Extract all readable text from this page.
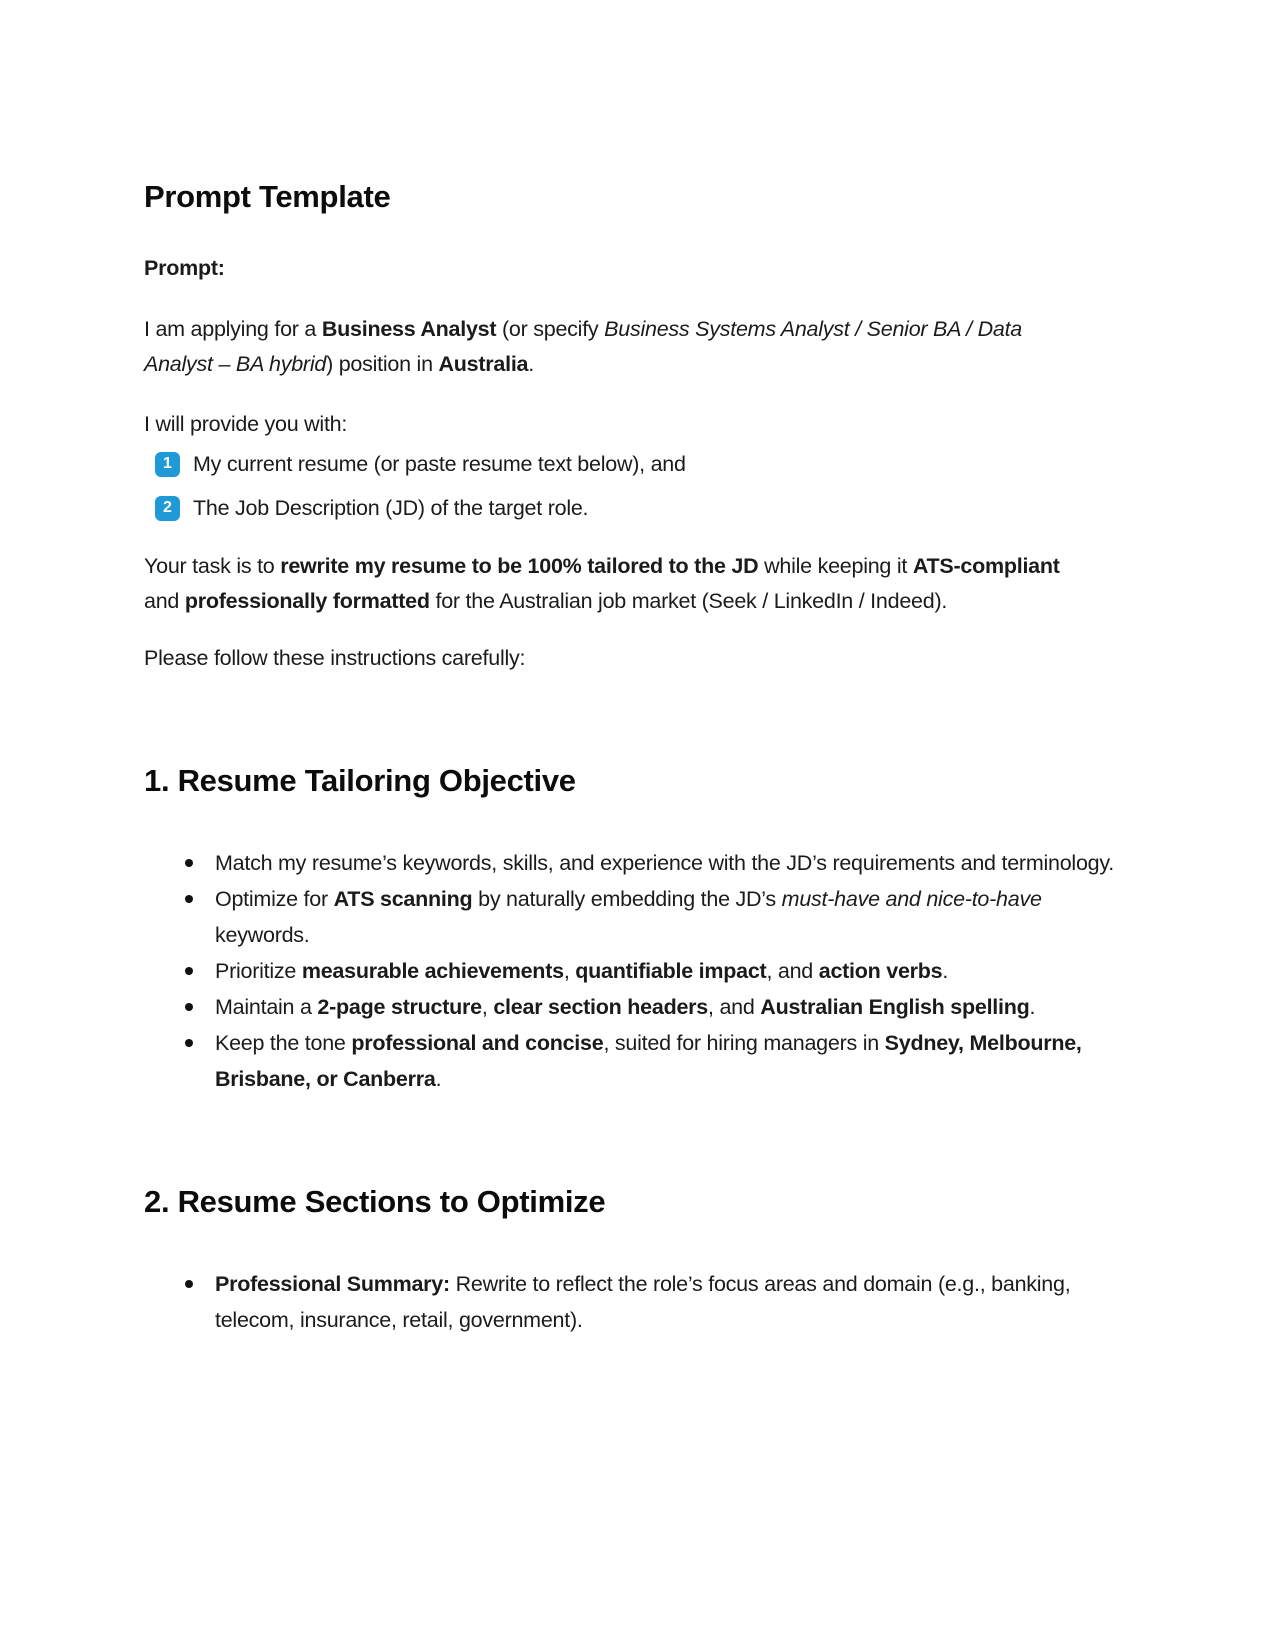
Prompt Template

Prompt:

I am applying for a Business Analyst (or specify Business Systems Analyst / Senior BA / Data Analyst – BA hybrid) position in Australia.

I will provide you with:

1 My current resume (or paste resume text below), and
2 The Job Description (JD) of the target role.

Your task is to rewrite my resume to be 100% tailored to the JD while keeping it ATS-compliant and professionally formatted for the Australian job market (Seek / LinkedIn / Indeed).

Please follow these instructions carefully:

1. Resume Tailoring Objective
Match my resume’s keywords, skills, and experience with the JD’s requirements and terminology.
Optimize for ATS scanning by naturally embedding the JD’s must-have and nice-to-have keywords.
Prioritize measurable achievements, quantifiable impact, and action verbs.
Maintain a 2-page structure, clear section headers, and Australian English spelling.
Keep the tone professional and concise, suited for hiring managers in Sydney, Melbourne, Brisbane, or Canberra.
2. Resume Sections to Optimize
Professional Summary: Rewrite to reflect the role’s focus areas and domain (e.g., banking, telecom, insurance, retail, government).
